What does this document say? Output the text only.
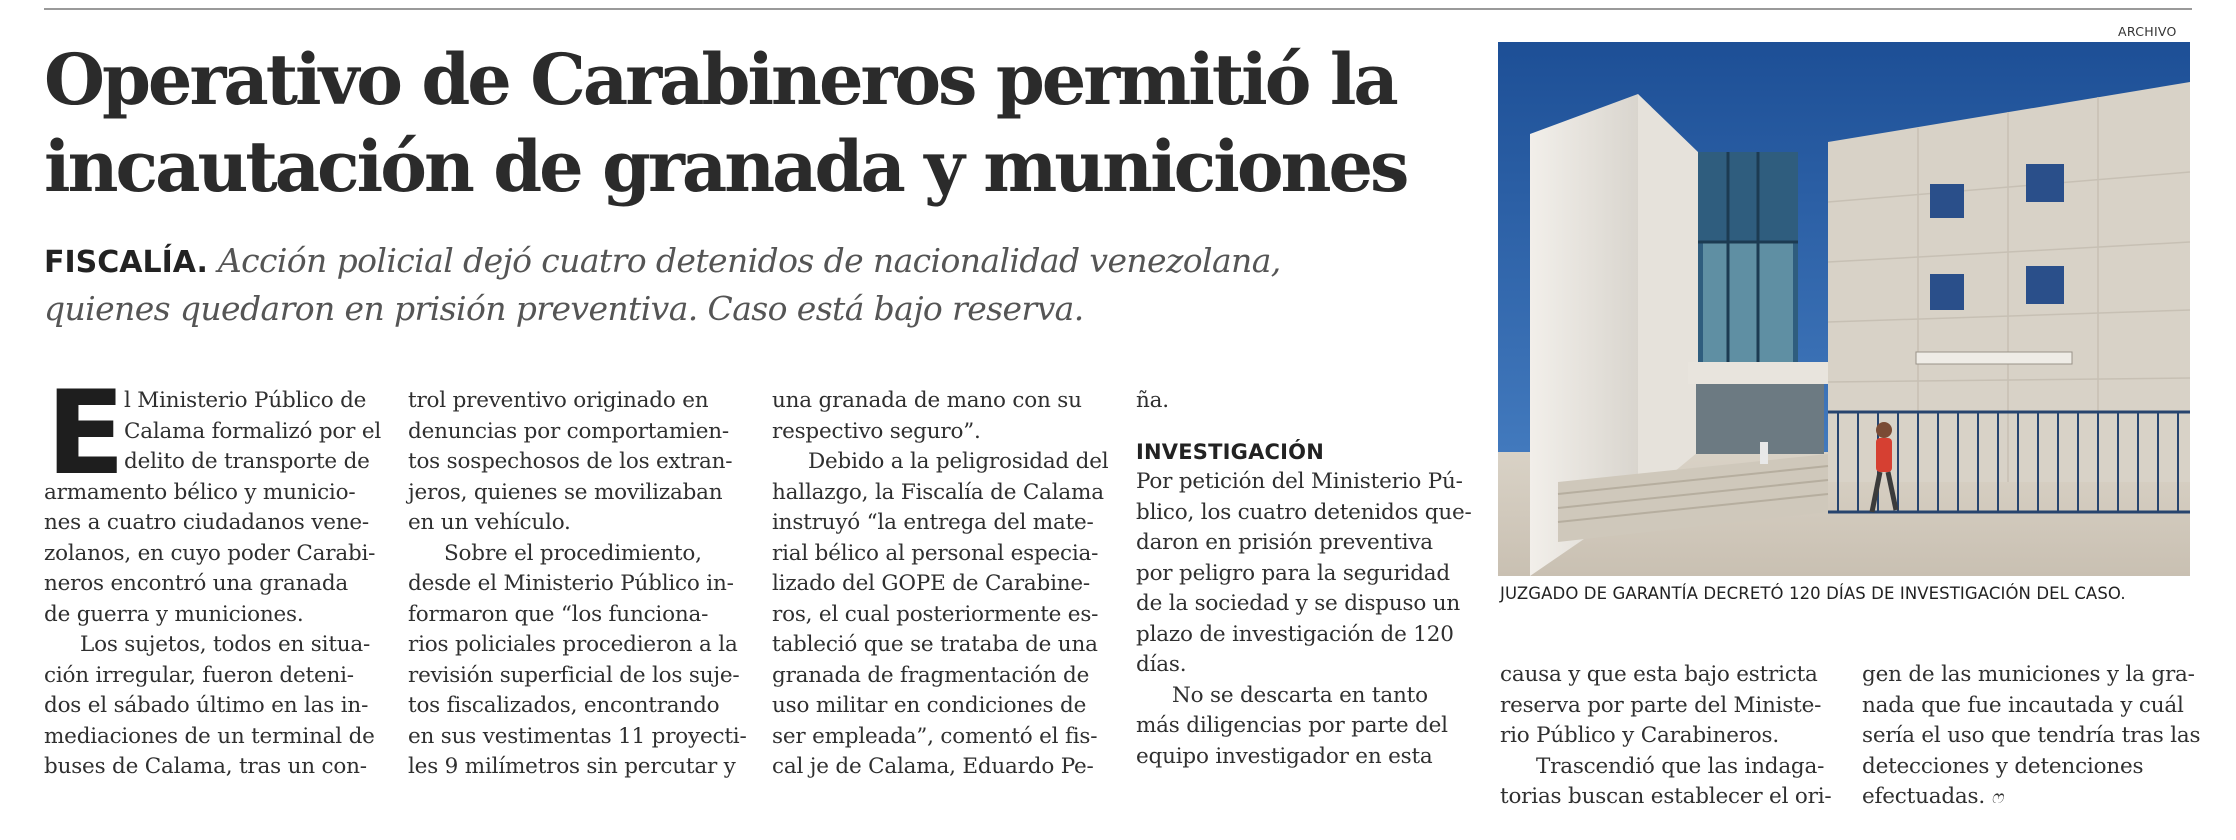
Operativo de Carabineros permitió la
incautación de granada y municiones

FISCALÍA. Acción policial dejó cuatro detenidos de nacionalidad venezolana,
quienes quedaron en prisión preventiva. Caso está bajo reserva.

E
l Ministerio Público de
Calama formalizó por el
delito de transporte de
armamento bélico y municio-
nes a cuatro ciudadanos vene-
zolanos, en cuyo poder Carabi-
neros encontró una granada
de guerra y municiones.
Los sujetos, todos en situa-
ción irregular, fueron deteni-
dos el sábado último en las in-
mediaciones de un terminal de
buses de Calama, tras un con-
trol preventivo originado en
denuncias por comportamien-
tos sospechosos de los extran-
jeros, quienes se movilizaban
en un vehículo.
Sobre el procedimiento,
desde el Ministerio Público in-
formaron que “los funciona-
rios policiales procedieron a la
revisión superficial de los suje-
tos fiscalizados, encontrando
en sus vestimentas 11 proyecti-
les 9 milímetros sin percutar y
una granada de mano con su
respectivo seguro”.
Debido a la peligrosidad del
hallazgo, la Fiscalía de Calama
instruyó “la entrega del mate-
rial bélico al personal especia-
lizado del GOPE de Carabine-
ros, el cual posteriormente es-
tableció que se trataba de una
granada de fragmentación de
uso militar en condiciones de
ser empleada”, comentó el fis-
cal je de Calama, Eduardo Pe-
ña.
INVESTIGACIÓN
Por petición del Ministerio Pú-
blico, los cuatro detenidos que-
daron en prisión preventiva
por peligro para la seguridad
de la sociedad y se dispuso un
plazo de investigación de 120
días.
No se descarta en tanto
más diligencias por parte del
equipo investigador en esta
causa y que esta bajo estricta
reserva por parte del Ministe-
rio Público y Carabineros.
Trascendió que las indaga-
torias buscan establecer el ori-
gen de las municiones y la gra-
nada que fue incautada y cuál
sería el uso que tendría tras las
detecciones y detenciones
efectuadas. ෆ
ARCHIVO
JUZGADO DE GARANTÍA DECRETÓ 120 DÍAS DE INVESTIGACIÓN DEL CASO.
